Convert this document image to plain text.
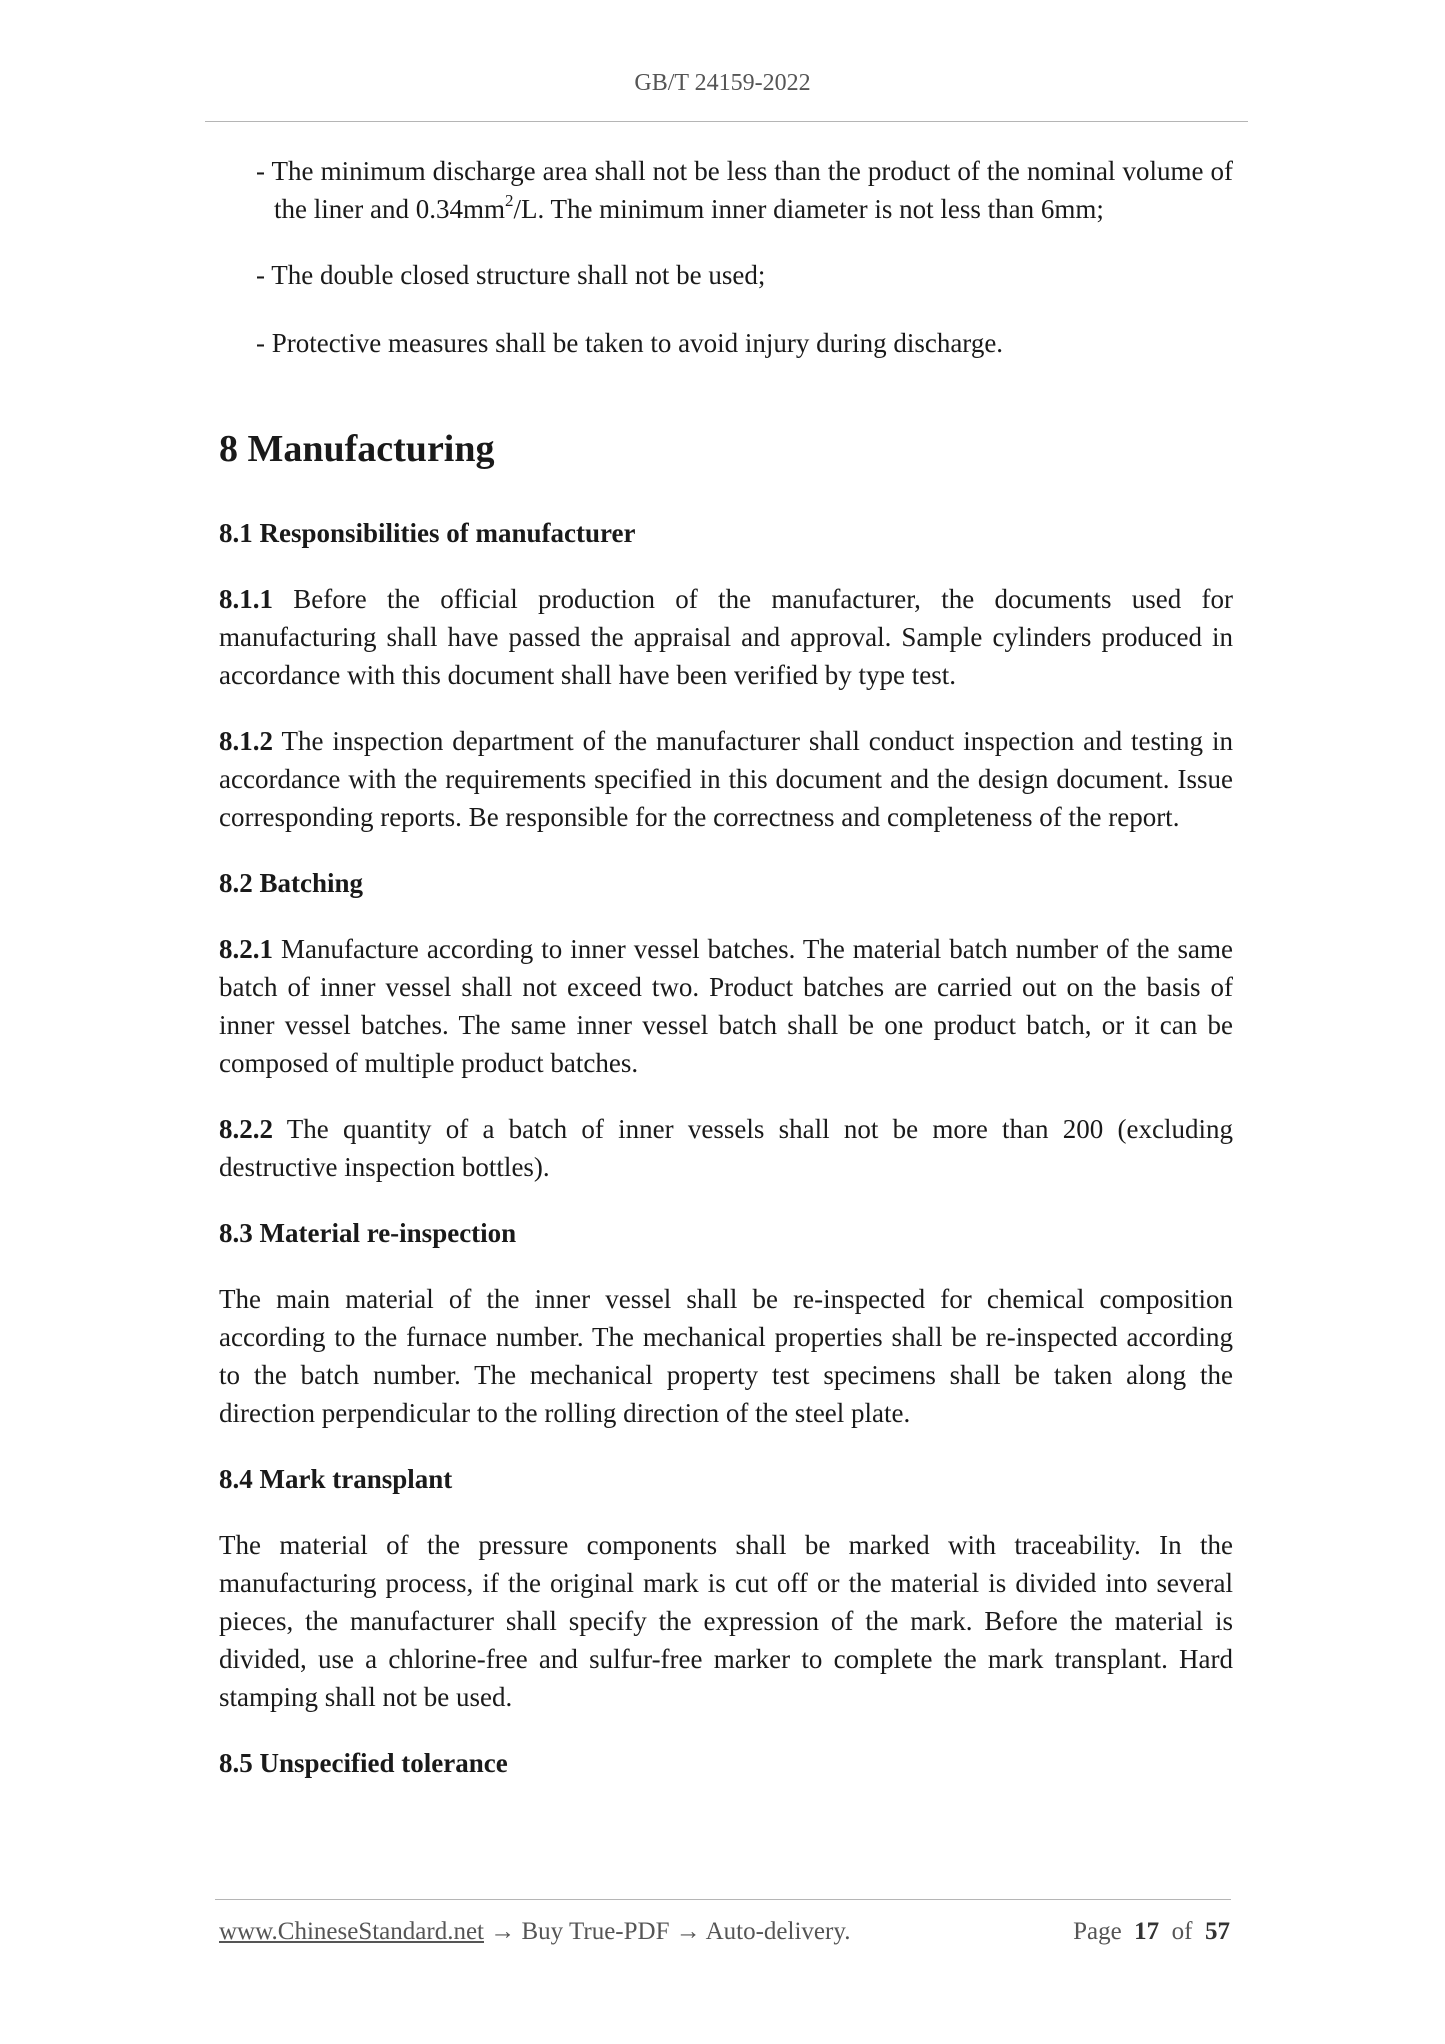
GB/T 24159-2022

- The minimum discharge area shall not be less than the product of the nominal volume of the liner and $0.34mm^2/L$. The minimum inner diameter is not less than 6mm;

- The double closed structure shall not be used;

- Protective measures shall be taken to avoid injury during discharge.

8 Manufacturing
8.1 Responsibilities of manufacturer

8.1.1 Before the official production of the manufacturer, the documents used for manufacturing shall have passed the appraisal and approval. Sample cylinders produced in accordance with this document shall have been verified by type test.

8.1.2 The inspection department of the manufacturer shall conduct inspection and testing in accordance with the requirements specified in this document and the design document. Issue corresponding reports. Be responsible for the correctness and completeness of the report.

8.2 Batching

8.2.1 Manufacture according to inner vessel batches. The material batch number of the same batch of inner vessel shall not exceed two. Product batches are carried out on the basis of inner vessel batches. The same inner vessel batch shall be one product batch, or it can be composed of multiple product batches.

8.2.2 The quantity of a batch of inner vessels shall not be more than 200 (excluding destructive inspection bottles).

8.3 Material re-inspection

The main material of the inner vessel shall be re-inspected for chemical composition according to the furnace number. The mechanical properties shall be re-inspected according to the batch number. The mechanical property test specimens shall be taken along the direction perpendicular to the rolling direction of the steel plate.

8.4 Mark transplant

The material of the pressure components shall be marked with traceability. In the manufacturing process, if the original mark is cut off or the material is divided into several pieces, the manufacturer shall specify the expression of the mark. Before the material is divided, use a chlorine-free and sulfur-free marker to complete the mark transplant. Hard stamping shall not be used.

8.5 Unspecified tolerance
www.ChineseStandard.net → Buy True-PDF → Auto-delivery.	Page 17 of 57
